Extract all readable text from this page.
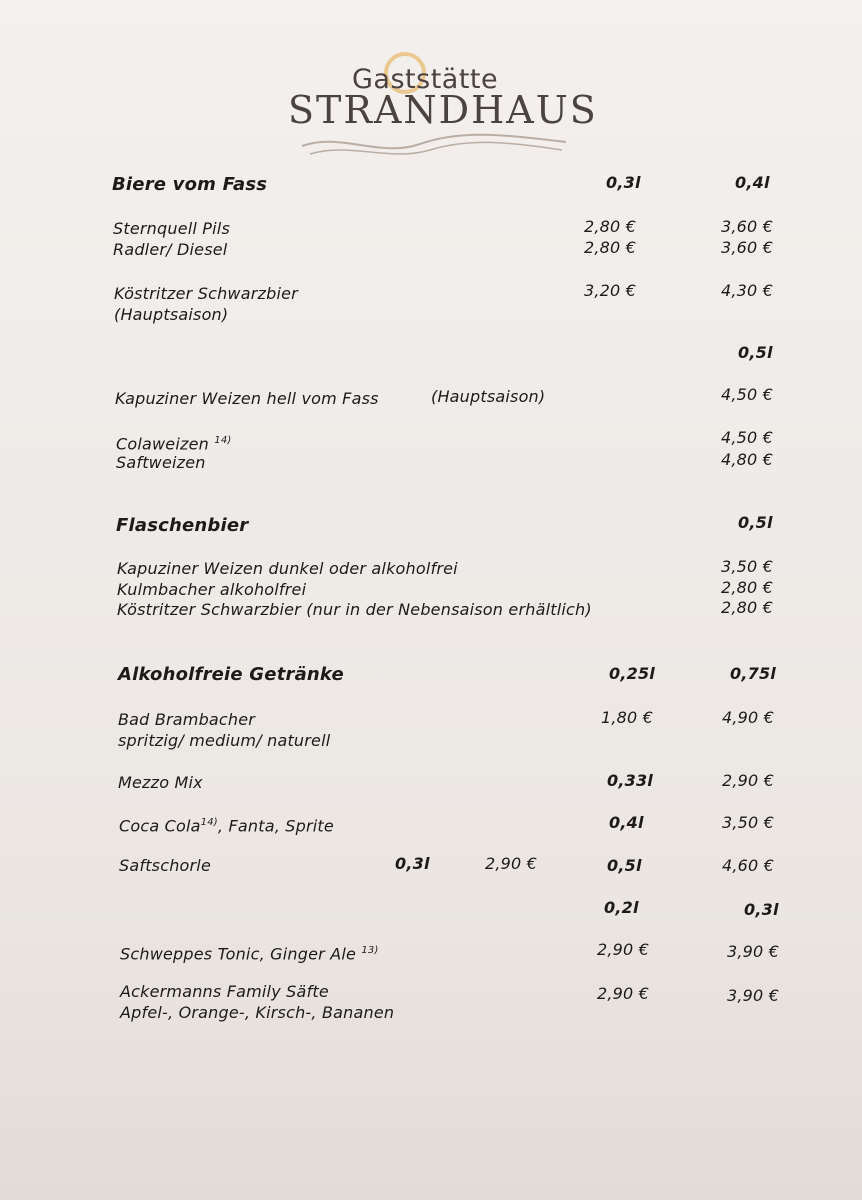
Gaststätte
STRANDHAUS
Biere vom Fass	0,3l	0,4l
Sternquell Pils	2,80 €	3,60 €
Radler/ Diesel	2,80 €	3,60 €
Köstritzer Schwarzbier	3,20 €	4,30 €
(Hauptsaison)
0,5l
Kapuziner Weizen hell vom Fass	(Hauptsaison)	4,50 €
Colaweizen $^{14)}$	4,50 €
Saftweizen	4,80 €
Flaschenbier	0,5l
Kapuziner Weizen dunkel oder alkoholfrei	3,50 €
Kulmbacher alkoholfrei	2,80 €
Köstritzer Schwarzbier (nur in der Nebensaison erhältlich)	2,80 €
Alkoholfreie Getränke	0,25l	0,75l
Bad Brambacher	1,80 €	4,90 €
spritzig/ medium/ naturell
Mezzo Mix	0,33l	2,90 €
Coca Cola$^{14)}$, Fanta, Sprite	0,4l	3,50 €
Saftschorle	0,3l	2,90 €	0,5l	4,60 €
0,2l	0,3l
Schweppes Tonic, Ginger Ale $^{13)}$	2,90 €	3,90 €
Ackermanns Family Säfte	2,90 €	3,90 €
Apfel-, Orange-, Kirsch-, Bananen
